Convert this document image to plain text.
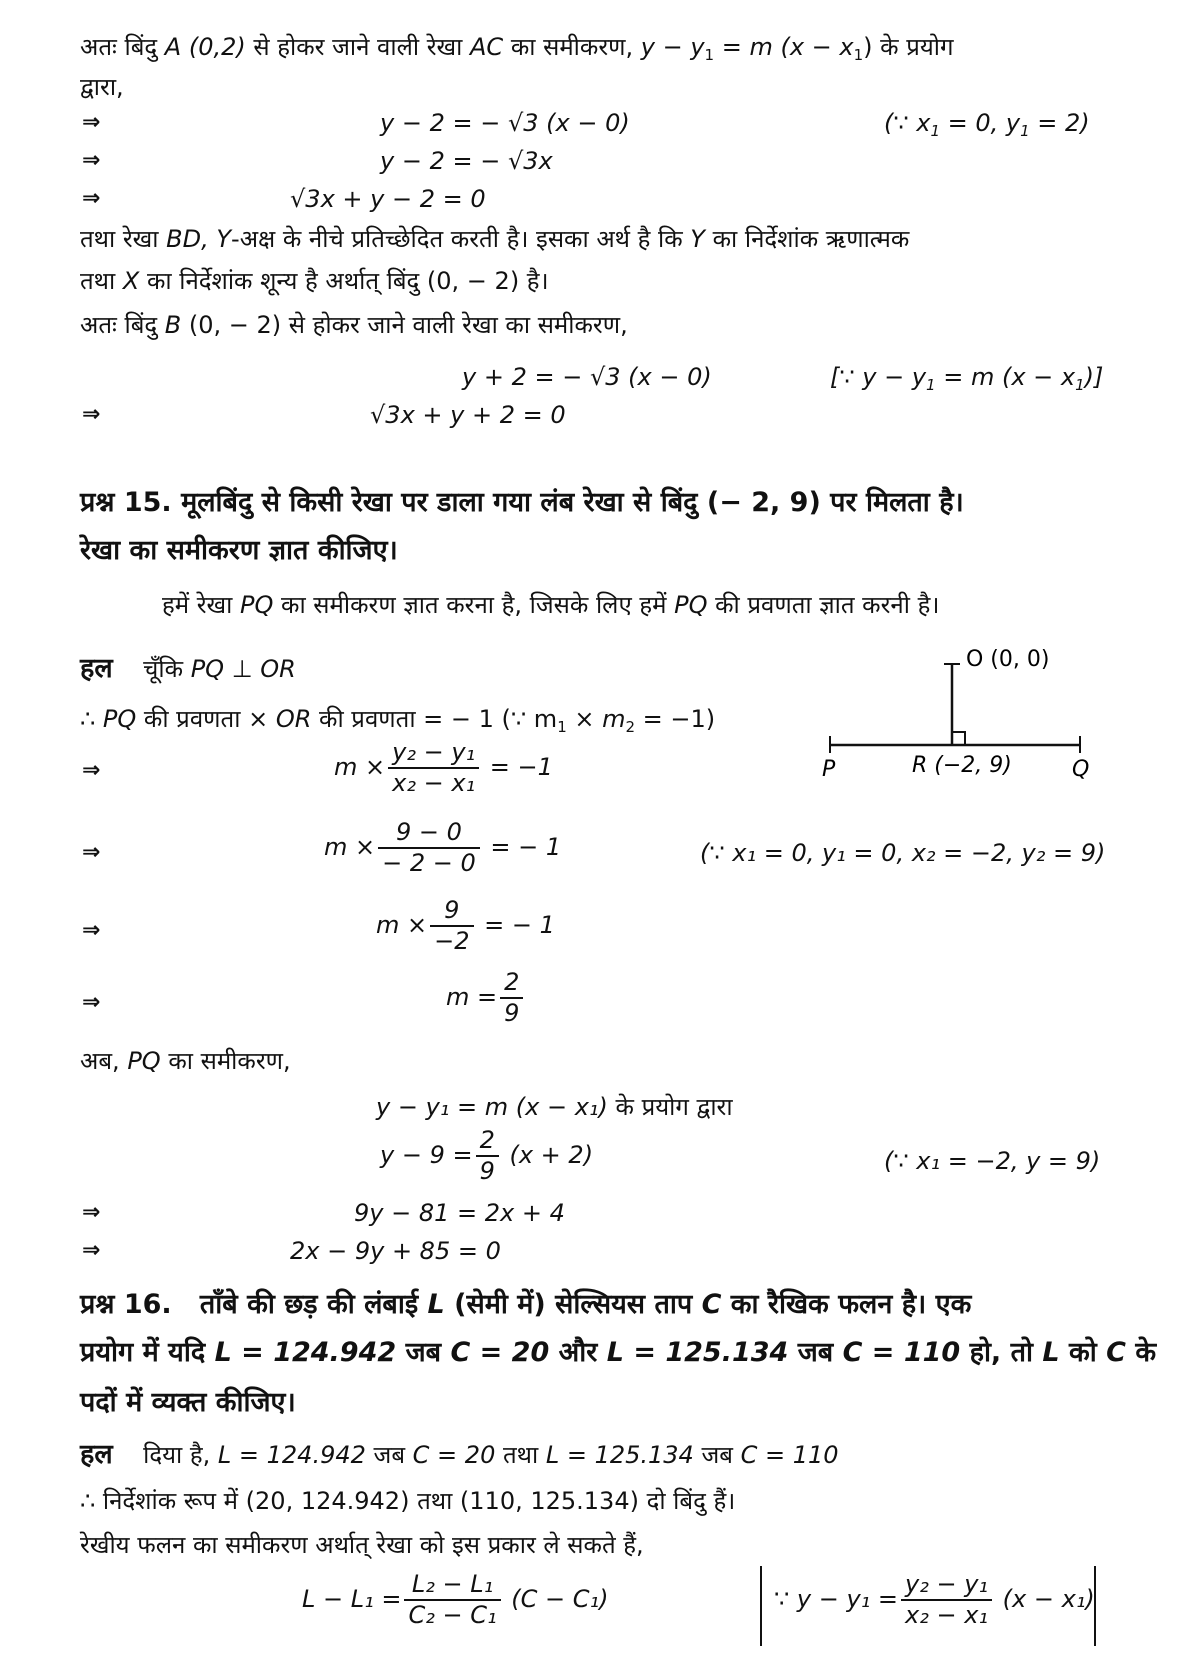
अतः बिंदु A (0,2) से होकर जाने वाली रेखा AC का समीकरण, $y - y_1 = m$ $(x - x_1)$ के प्रयोग
द्वारा,
⇒	y − 2 = − √3 (x − 0)	(∵ $x_1 = 0$, $y_1 = 2$)
⇒	y − 2 = − √3x
⇒	√3x + y − 2 = 0
तथा रेखा BD, Y-अक्ष के नीचे प्रतिच्छेदित करती है। इसका अर्थ है कि Y का निर्देशांक ऋणात्मक
तथा X का निर्देशांक शून्य है अर्थात् बिंदु (0, − 2) है।
अतः बिंदु B (0, − 2) से होकर जाने वाली रेखा का समीकरण,
y + 2 = − √3 (x − 0)	[∵ $y - y_1 = m$ $(x - x_1)$]
⇒	√3x + y + 2 = 0
प्रश्न 15. मूलबिंदु से किसी रेखा पर डाला गया लंब रेखा से बिंदु (− 2, 9) पर मिलता है।
रेखा का समीकरण ज्ञात कीजिए।
हमें रेखा PQ का समीकरण ज्ञात करना है, जिसके लिए हमें PQ की प्रवणता ज्ञात करनी है।
हल चूँकि PQ ⊥ OR
∴ PQ की प्रवणता × OR की प्रवणता = − 1 (∵ $m_1 \times m_2 = -1$)
O (0, 0)
R (−2, 9)
P	Q
⇒	$m \times \frac{\text{y₂ − y₁}}{\text{x₂ − x₁}} = -1$
⇒	$m \times \frac{9 - 0}{- 2 - 0}$ = − 1	(∵ x₁ = 0, y₁ = 0, x₂ = −2, y₂ = 9)
⇒	$m \times \frac{9}{-2}$ = − 1
⇒	$m = \frac{2}{9}$
अब, PQ का समीकरण,
y − y₁ = m (x − x₁) के प्रयोग द्वारा
$y - 9 = \frac{2}{9} (x + 2)$	(∵ x₁ = −2, y = 9)
⇒	9y − 81 = 2x + 4
⇒	2x − 9y + 85 = 0
प्रश्न 16. ताँबे की छड़ की लंबाई L (सेमी में) सेल्सियस ताप C का रैखिक फलन है। एक
प्रयोग में यदि L = 124.942 जब C = 20 और L = 125.134 जब C = 110 हो, तो L को C के
पदों में व्यक्त कीजिए।
हल दिया है, L = 124.942 जब C = 20 तथा L = 125.134 जब C = 110
∴ निर्देशांक रूप में (20, 124.942) तथा (110, 125.134) दो बिंदु हैं।
रेखीय फलन का समीकरण अर्थात् रेखा को इस प्रकार ले सकते हैं,
$L - L_1 = \frac{\text{L₂ − L₁}}{\text{C₂ − C₁}} (C - C_1)$	∵ $y - y_1 = \frac{\text{y₂ − y₁}}{\text{x₂ − x₁}} (x - x_1)$
